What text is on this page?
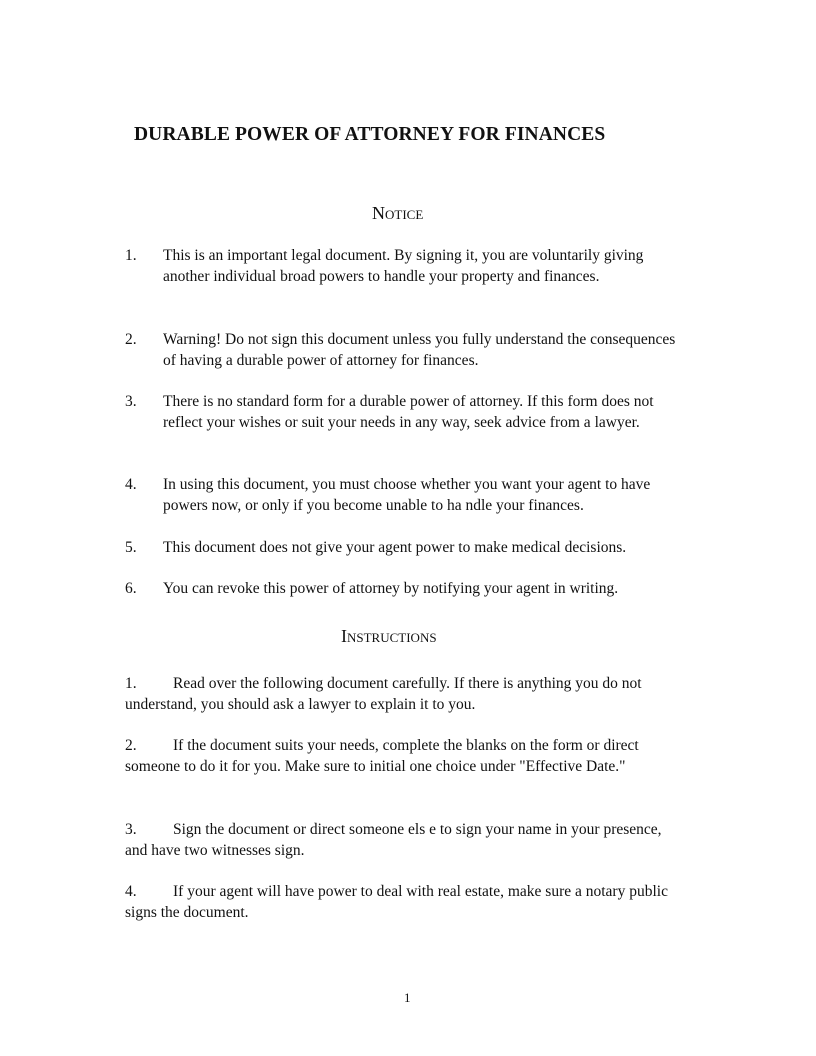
DURABLE POWER OF ATTORNEY FOR FINANCES
Notice
1. This is an important legal document. By signing it, you are voluntarily giving another individual broad powers to handle your property and finances.
2. Warning! Do not sign this document unless you fully understand the consequences of having a durable power of attorney for finances.
3. There is no standard form for a durable power of attorney. If this form does not reflect your wishes or suit your needs in any way, seek advice from a lawyer.
4. In using this document, you must choose whether you want your agent to have powers now, or only if you become unable to ha ndle your finances.
5. This document does not give your agent power to make medical decisions.
6. You can revoke this power of attorney by notifying your agent in writing.
Instructions
1. Read over the following document carefully. If there is anything you do not understand, you should ask a lawyer to explain it to you.
2. If the document suits your needs, complete the blanks on the form or direct someone to do it for you. Make sure to initial one choice under "Effective Date."
3. Sign the document or direct someone els e to sign your name in your presence, and have two witnesses sign.
4. If your agent will have power to deal with real estate, make sure a notary public signs the document.
1
